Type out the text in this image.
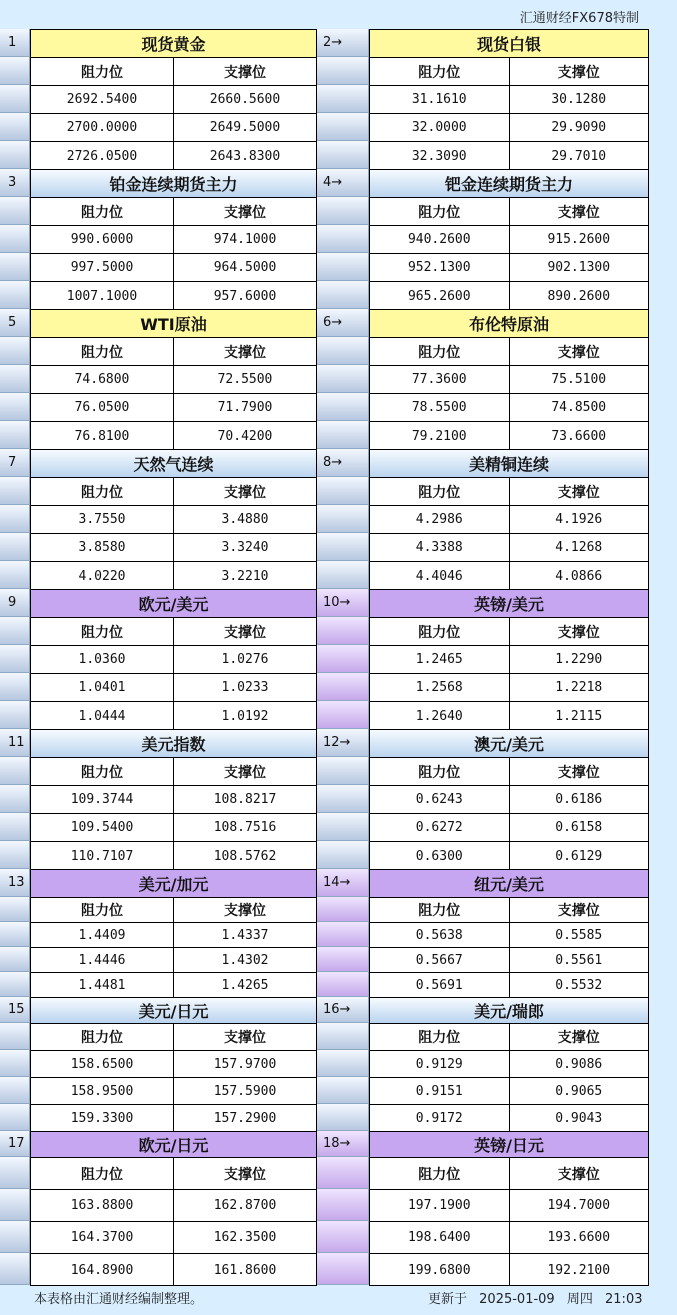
汇通财经FX678特制
1	现货黄金
阻力位	支撑位
2692.5400	2660.5600
2700.0000	2649.5000
2726.0500	2643.8300
2 →	现货白银
阻力位	支撑位
31.1610	30.1280
32.0000	29.9090
32.3090	29.7010
3	铂金连续期货主力
阻力位	支撑位
990.6000	974.1000
997.5000	964.5000
1007.1000	957.6000
4 →	钯金连续期货主力
阻力位	支撑位
940.2600	915.2600
952.1300	902.1300
965.2600	890.2600
5	WTI原油
阻力位	支撑位
74.6800	72.5500
76.0500	71.7900
76.8100	70.4200
6 →	布伦特原油
阻力位	支撑位
77.3600	75.5100
78.5500	74.8500
79.2100	73.6600
7	天然气连续
阻力位	支撑位
3.7550	3.4880
3.8580	3.3240
4.0220	3.2210
8 →	美精铜连续
阻力位	支撑位
4.2986	4.1926
4.3388	4.1268
4.4046	4.0866
9	欧元/美元
阻力位	支撑位
1.0360	1.0276
1.0401	1.0233
1.0444	1.0192
10 →	英镑/美元
阻力位	支撑位
1.2465	1.2290
1.2568	1.2218
1.2640	1.2115
11	美元指数
阻力位	支撑位
109.3744	108.8217
109.5400	108.7516
110.7107	108.5762
12 →	澳元/美元
阻力位	支撑位
0.6243	0.6186
0.6272	0.6158
0.6300	0.6129
13	美元/加元
阻力位	支撑位
1.4409	1.4337
1.4446	1.4302
1.4481	1.4265
14 →	纽元/美元
阻力位	支撑位
0.5638	0.5585
0.5667	0.5561
0.5691	0.5532
15	美元/日元
阻力位	支撑位
158.6500	157.9700
158.9500	157.5900
159.3300	157.2900
16 →	美元/瑞郎
阻力位	支撑位
0.9129	0.9086
0.9151	0.9065
0.9172	0.9043
17	欧元/日元
阻力位	支撑位
163.8800	162.8700
164.3700	162.3500
164.8900	161.8600
18 →	英镑/日元
阻力位	支撑位
197.1900	194.7000
198.6400	193.6600
199.6800	192.2100
本表格由汇通财经编制整理。	更新于 2025-01-09 周四 21:03
